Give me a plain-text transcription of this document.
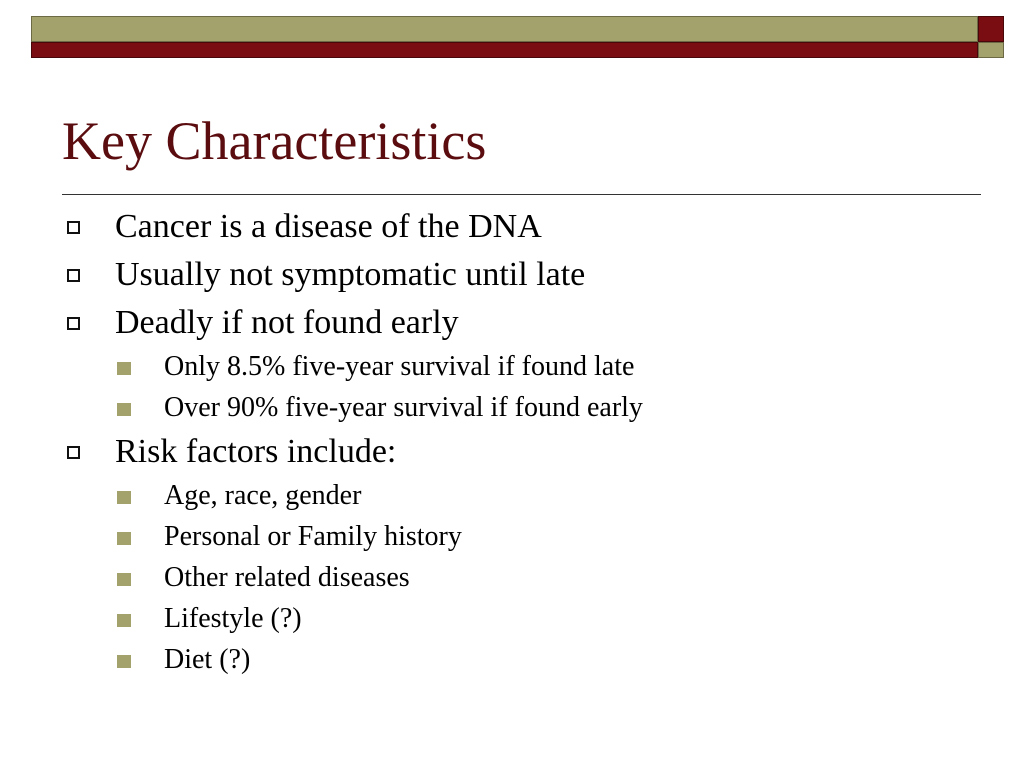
Key Characteristics
Cancer is a disease of the DNA
Usually not symptomatic until late
Deadly if not found early
Only 8.5% five-year survival if found late
Over 90% five-year survival if found early
Risk factors include:
Age, race, gender
Personal or Family history
Other related diseases
Lifestyle (?)
Diet (?)
